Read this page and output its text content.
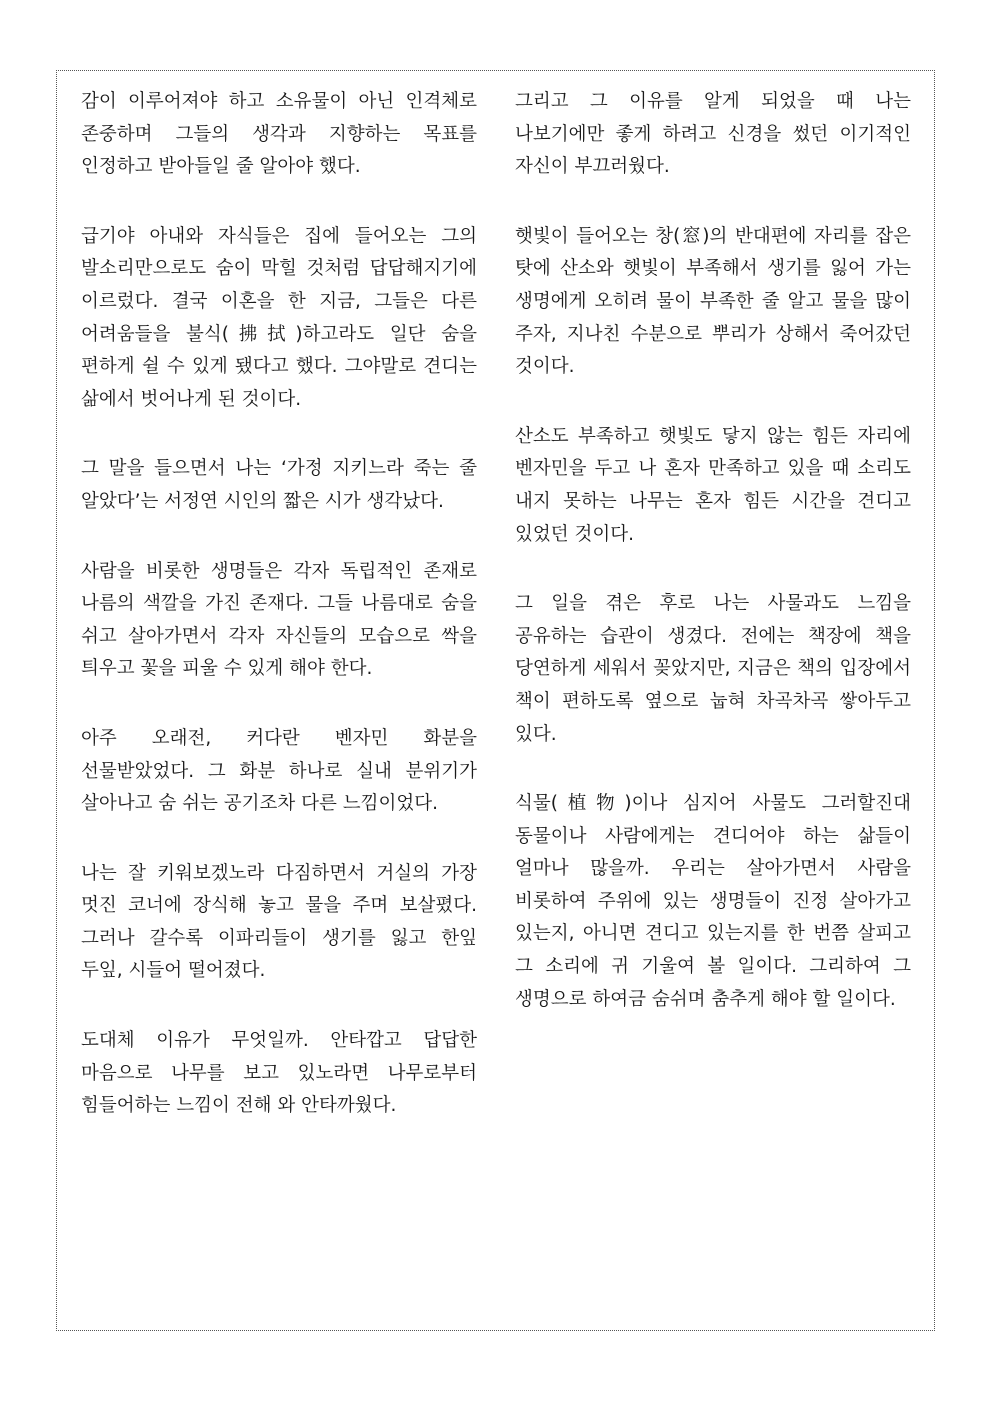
감이 이루어져야 하고 소유물이 아닌 인격체로 존중하며 그들의 생각과 지향하는 목표를 인정하고 받아들일 줄 알아야 했다.

급기야 아내와 자식들은 집에 들어오는 그의 발소리만으로도 숨이 막힐 것처럼 답답해지기에 이르렀다. 결국 이혼을 한 지금, 그들은 다른 어려움들을 불식(拂拭)하고라도 일단 숨을 편하게 쉴 수 있게 됐다고 했다. 그야말로 견디는 삶에서 벗어나게 된 것이다.

그 말을 들으면서 나는 ‘가정 지키느라 죽는 줄 알았다’는 서정연 시인의 짧은 시가 생각났다.

사람을 비롯한 생명들은 각자 독립적인 존재로 나름의 색깔을 가진 존재다. 그들 나름대로 숨을 쉬고 살아가면서 각자 자신들의 모습으로 싹을 틔우고 꽃을 피울 수 있게 해야 한다.

아주 오래전, 커다란 벤자민 화분을 선물받았었다. 그 화분 하나로 실내 분위기가 살아나고 숨 쉬는 공기조차 다른 느낌이었다.

나는 잘 키워보겠노라 다짐하면서 거실의 가장 멋진 코너에 장식해 놓고 물을 주며 보살폈다. 그러나 갈수록 이파리들이 생기를 잃고 한잎 두잎, 시들어 떨어졌다.

도대체 이유가 무엇일까. 안타깝고 답답한 마음으로 나무를 보고 있노라면 나무로부터 힘들어하는 느낌이 전해 와 안타까웠다.

그리고 그 이유를 알게 되었을 때 나는 나보기에만 좋게 하려고 신경을 썼던 이기적인 자신이 부끄러웠다.

햇빛이 들어오는 창(窓)의 반대편에 자리를 잡은 탓에 산소와 햇빛이 부족해서 생기를 잃어 가는 생명에게 오히려 물이 부족한 줄 알고 물을 많이 주자, 지나친 수분으로 뿌리가 상해서 죽어갔던 것이다.

산소도 부족하고 햇빛도 닿지 않는 힘든 자리에 벤자민을 두고 나 혼자 만족하고 있을 때 소리도 내지 못하는 나무는 혼자 힘든 시간을 견디고 있었던 것이다.

그 일을 겪은 후로 나는 사물과도 느낌을 공유하는 습관이 생겼다. 전에는 책장에 책을 당연하게 세워서 꽂았지만, 지금은 책의 입장에서 책이 편하도록 옆으로 눕혀 차곡차곡 쌓아두고 있다.

식물(植物)이나 심지어 사물도 그러할진대 동물이나 사람에게는 견디어야 하는 삶들이 얼마나 많을까. 우리는 살아가면서 사람을 비롯하여 주위에 있는 생명들이 진정 살아가고 있는지, 아니면 견디고 있는지를 한 번쯤 살피고 그 소리에 귀 기울여 볼 일이다. 그리하여 그 생명으로 하여금 숨쉬며 춤추게 해야 할 일이다.
